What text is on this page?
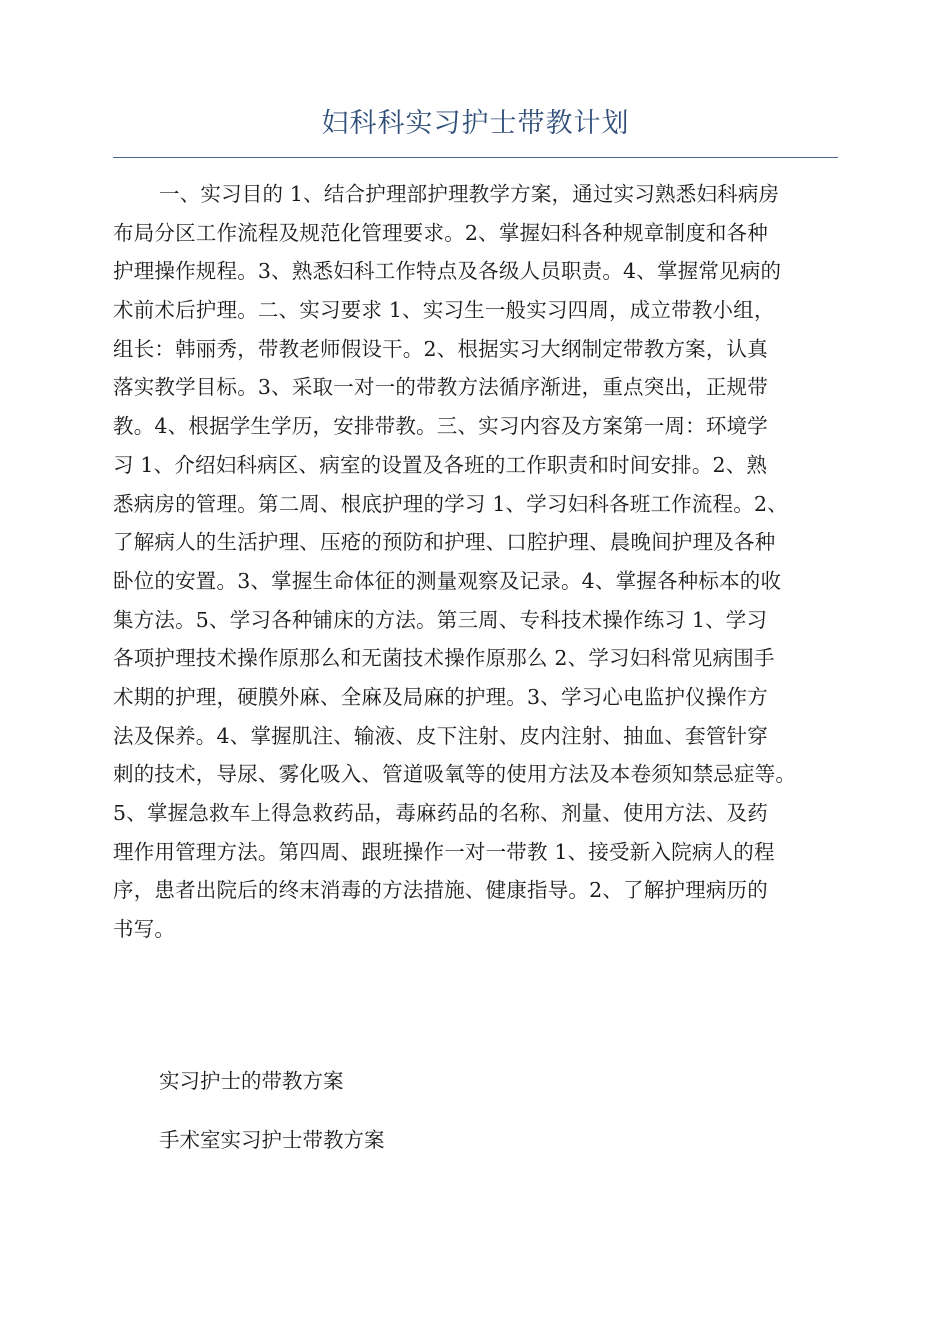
妇科科实习护士带教计划
一、实习目的 1、结合护理部护理教学方案，通过实习熟悉妇科病房
布局分区工作流程及规范化管理要求。2、掌握妇科各种规章制度和各种
护理操作规程。3、熟悉妇科工作特点及各级人员职责。4、掌握常见病的
术前术后护理。二、实习要求 1、实习生一般实习四周，成立带教小组，
组长：韩丽秀，带教老师假设干。2、根据实习大纲制定带教方案，认真
落实教学目标。3、采取一对一的带教方法循序渐进，重点突出，正规带
教。4、根据学生学历，安排带教。三、实习内容及方案第一周：环境学
习 1、介绍妇科病区、病室的设置及各班的工作职责和时间安排。2、熟
悉病房的管理。第二周、根底护理的学习 1、学习妇科各班工作流程。2、
了解病人的生活护理、压疮的预防和护理、口腔护理、晨晚间护理及各种
卧位的安置。3、掌握生命体征的测量观察及记录。4、掌握各种标本的收
集方法。5、学习各种铺床的方法。第三周、专科技术操作练习 1、学习
各项护理技术操作原那么和无菌技术操作原那么 2、学习妇科常见病围手
术期的护理，硬膜外麻、全麻及局麻的护理。3、学习心电监护仪操作方
法及保养。4、掌握肌注、输液、皮下注射、皮内注射、抽血、套管针穿
刺的技术，导尿、雾化吸入、管道吸氧等的使用方法及本卷须知禁忌症等。
5、掌握急救车上得急救药品，毒麻药品的名称、剂量、使用方法、及药
理作用管理方法。第四周、跟班操作一对一带教 1、接受新入院病人的程
序，患者出院后的终末消毒的方法措施、健康指导。2、了解护理病历的
书写。

实习护士的带教方案

手术室实习护士带教方案
